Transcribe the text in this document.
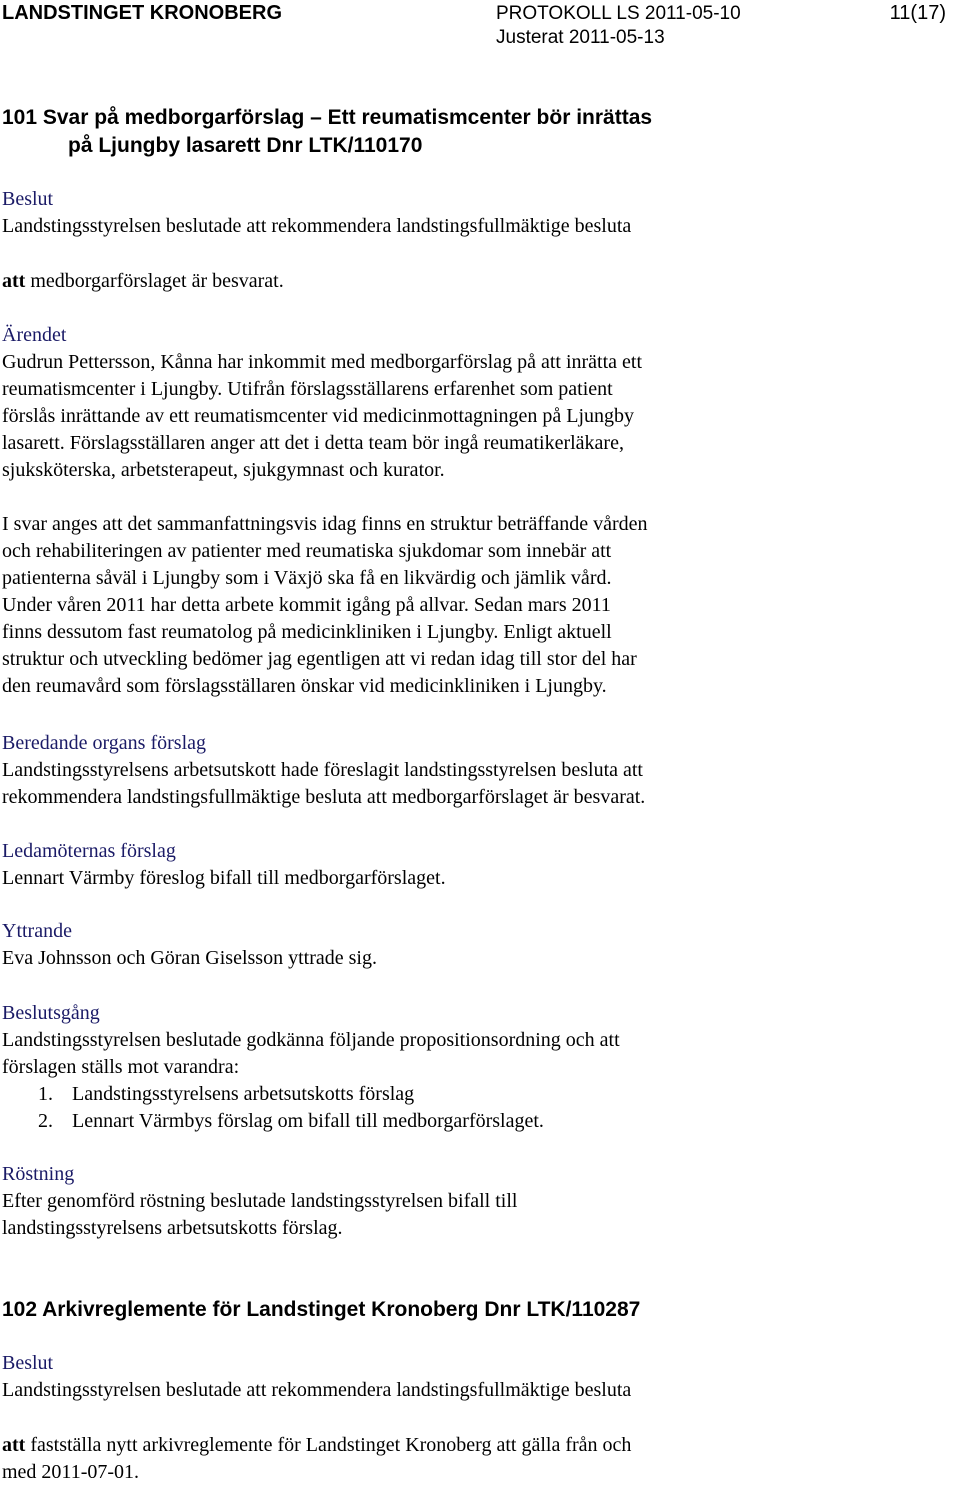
LANDSTINGET KRONOBERG	PROTOKOLL LS 2011-05-10
Justerat 2011-05-13
11(17)
101 Svar på medborgarförslag – Ett reumatismcenter bör inrättas
på Ljungby lasarett Dnr LTK/110170
Beslut
Landstingsstyrelsen beslutade att rekommendera landstingsfullmäktige besluta
att medborgarförslaget är besvarat.
Ärendet
Gudrun Pettersson, Kånna har inkommit med medborgarförslag på att inrätta ett
reumatismcenter i Ljungby. Utifrån förslagsställarens erfarenhet som patient
förslås inrättande av ett reumatismcenter vid medicinmottagningen på Ljungby
lasarett. Förslagsställaren anger att det i detta team bör ingå reumatikerläkare,
sjuksköterska, arbetsterapeut, sjukgymnast och kurator.
I svar anges att det sammanfattningsvis idag finns en struktur beträffande vården
och rehabiliteringen av patienter med reumatiska sjukdomar som innebär att
patienterna såväl i Ljungby som i Växjö ska få en likvärdig och jämlik vård.
Under våren 2011 har detta arbete kommit igång på allvar. Sedan mars 2011
finns dessutom fast reumatolog på medicinkliniken i Ljungby. Enligt aktuell
struktur och utveckling bedömer jag egentligen att vi redan idag till stor del har
den reumavård som förslagsställaren önskar vid medicinkliniken i Ljungby.
Beredande organs förslag
Landstingsstyrelsens arbetsutskott hade föreslagit landstingsstyrelsen besluta att
rekommendera landstingsfullmäktige besluta att medborgarförslaget är besvarat.
Ledamöternas förslag
Lennart Värmby föreslog bifall till medborgarförslaget.
Yttrande
Eva Johnsson och Göran Giselsson yttrade sig.
Beslutsgång
Landstingsstyrelsen beslutade godkänna följande propositionsordning och att
förslagen ställs mot varandra:
1. Landstingsstyrelsens arbetsutskotts förslag
2. Lennart Värmbys förslag om bifall till medborgarförslaget.
Röstning
Efter genomförd röstning beslutade landstingsstyrelsen bifall till
landstingsstyrelsens arbetsutskotts förslag.
102 Arkivreglemente för Landstinget Kronoberg Dnr LTK/110287
Beslut
Landstingsstyrelsen beslutade att rekommendera landstingsfullmäktige besluta
att fastställa nytt arkivreglemente för Landstinget Kronoberg att gälla från och
med 2011-07-01.
